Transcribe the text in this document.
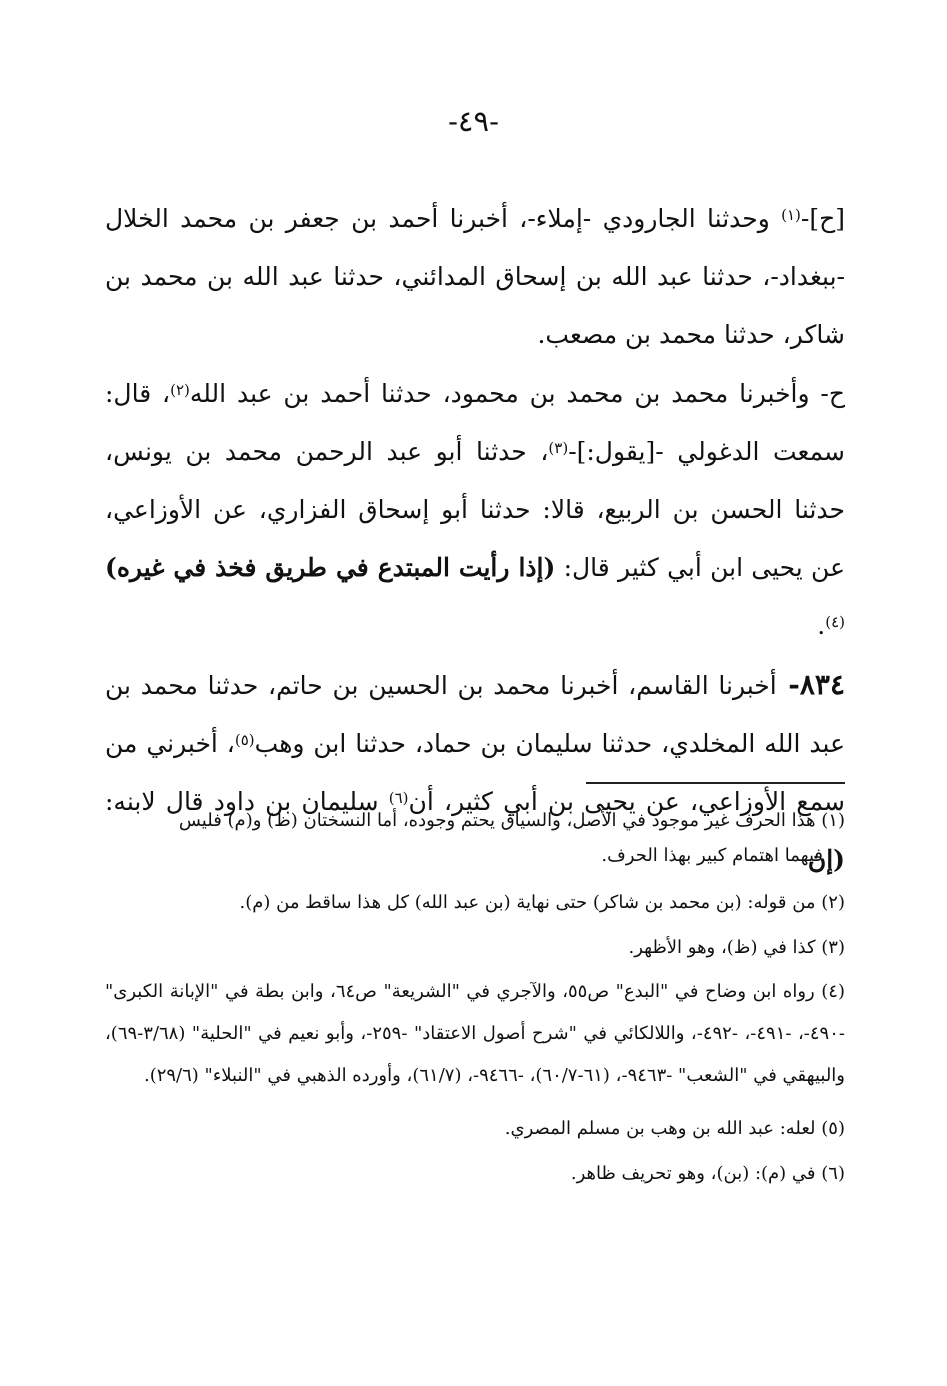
-٤٩-

[ح]-$^{(١)}$ وحدثنا الجارودي -إملاء-، أخبرنا أحمد بن جعفر بن محمد الخلال -ببغداد-، حدثنا عبد الله بن إسحاق المدائني، حدثنا عبد الله بن محمد بن شاكر، حدثنا محمد بن مصعب.

ح- وأخبرنا محمد بن محمد بن محمود، حدثنا أحمد بن عبد الله$^{(٢)}$، قال: سمعت الدغولي -[يقول:]-$^{(٣)}$، حدثنا أبو عبد الرحمن محمد بن يونس، حدثنا الحسن بن الربيع، قالا: حدثنا أبو إسحاق الفزاري، عن الأوزاعي، عن يحيى ابن أبي كثير قال: (إذا رأيت المبتدع في طريق فخذ في غيره)$^{(٤)}$.

٨٣٤- أخبرنا القاسم، أخبرنا محمد بن الحسين بن حاتم، حدثنا محمد بن عبد الله المخلدي، حدثنا سليمان بن حماد، حدثنا ابن وهب$^{(٥)}$، أخبرني من سمع الأوزاعي، عن يحيى بن أبي كثير، أن$^{(٦)}$ سليمان بن داود قال لابنه: (إن

(١) هذا الحرف غير موجود في الأصل، والسياق يحتم وجوده، أما النسختان (ظ) و(م) فليس

فيهما اهتمام كبير بهذا الحرف.

(٢) من قوله: (بن محمد بن شاكر) حتى نهاية (بن عبد الله) كل هذا ساقط من (م).

(٣) كذا في (ظ)، وهو الأظهر.

(٤) رواه ابن وضاح في "البدع" ص٥٥، والآجري في "الشريعة" ص٦٤، وابن بطة في "الإبانة الكبرى" -٤٩٠-، -٤٩١-، -٤٩٢-، واللالكائي في "شرح أصول الاعتقاد" -٢٥٩-، وأبو نعيم في "الحلية" (٣/٦٨-٦٩)، والبيهقي في "الشعب" -٩٤٦٣-، (٦١-٦٠/٧)، -٩٤٦٦-، (٦١/٧)، وأورده الذهبي في "النبلاء" (٢٩/٦).

(٥) لعله: عبد الله بن وهب بن مسلم المصري.

(٦) في (م): (بن)، وهو تحريف ظاهر.
